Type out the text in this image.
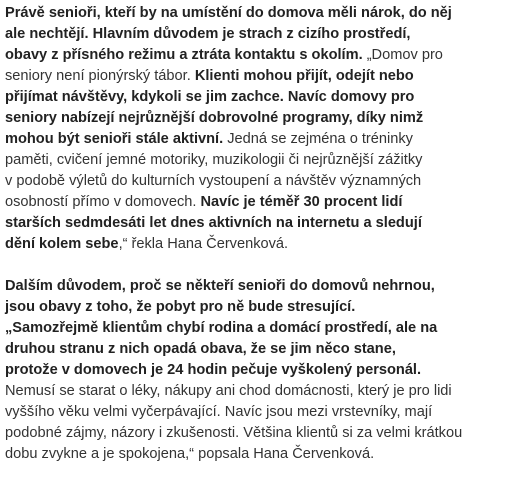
Právě senioři, kteří by na umístění do domova měli nárok, do něj
ale nechtějí. Hlavním důvodem je strach z cizího prostředí,
obavy z přísného režimu a ztráta kontaktu s okolím. „Domov pro
seniory není pionýrský tábor. Klienti mohou přijít, odejít nebo
přijímat návštěvy, kdykoli se jim zachce. Navíc domovy pro
seniory nabízejí nejrůznější dobrovolné programy, díky nimž
mohou být senioři stále aktivní. Jedná se zejména o tréninky
paměti, cvičení jemné motoriky, muzikologii či nejrůznější zážitky
v podobě výletů do kulturních vystoupení a návštěv významných
osobností přímo v domovech. Navíc je téměř 30 procent lidí
starších sedmdesáti let dnes aktivních na internetu a sledují
dění kolem sebe,“ řekla Hana Červenková.

Dalším důvodem, proč se někteří senioři do domovů nehrnou,
jsou obavy z toho, že pobyt pro ně bude stresující.
„Samozřejmě klientům chybí rodina a domácí prostředí, ale na
druhou stranu z nich opadá obava, že se jim něco stane,
protože v domovech je 24 hodin pečuje vyškolený personál.
Nemusí se starat o léky, nákupy ani chod domácnosti, který je pro lidi
vyššího věku velmi vyčerpávající. Navíc jsou mezi vrstevníky, mají
podobné zájmy, názory i zkušenosti. Většina klientů si za velmi krátkou
dobu zvykne a je spokojena,“ popsala Hana Červenková.
